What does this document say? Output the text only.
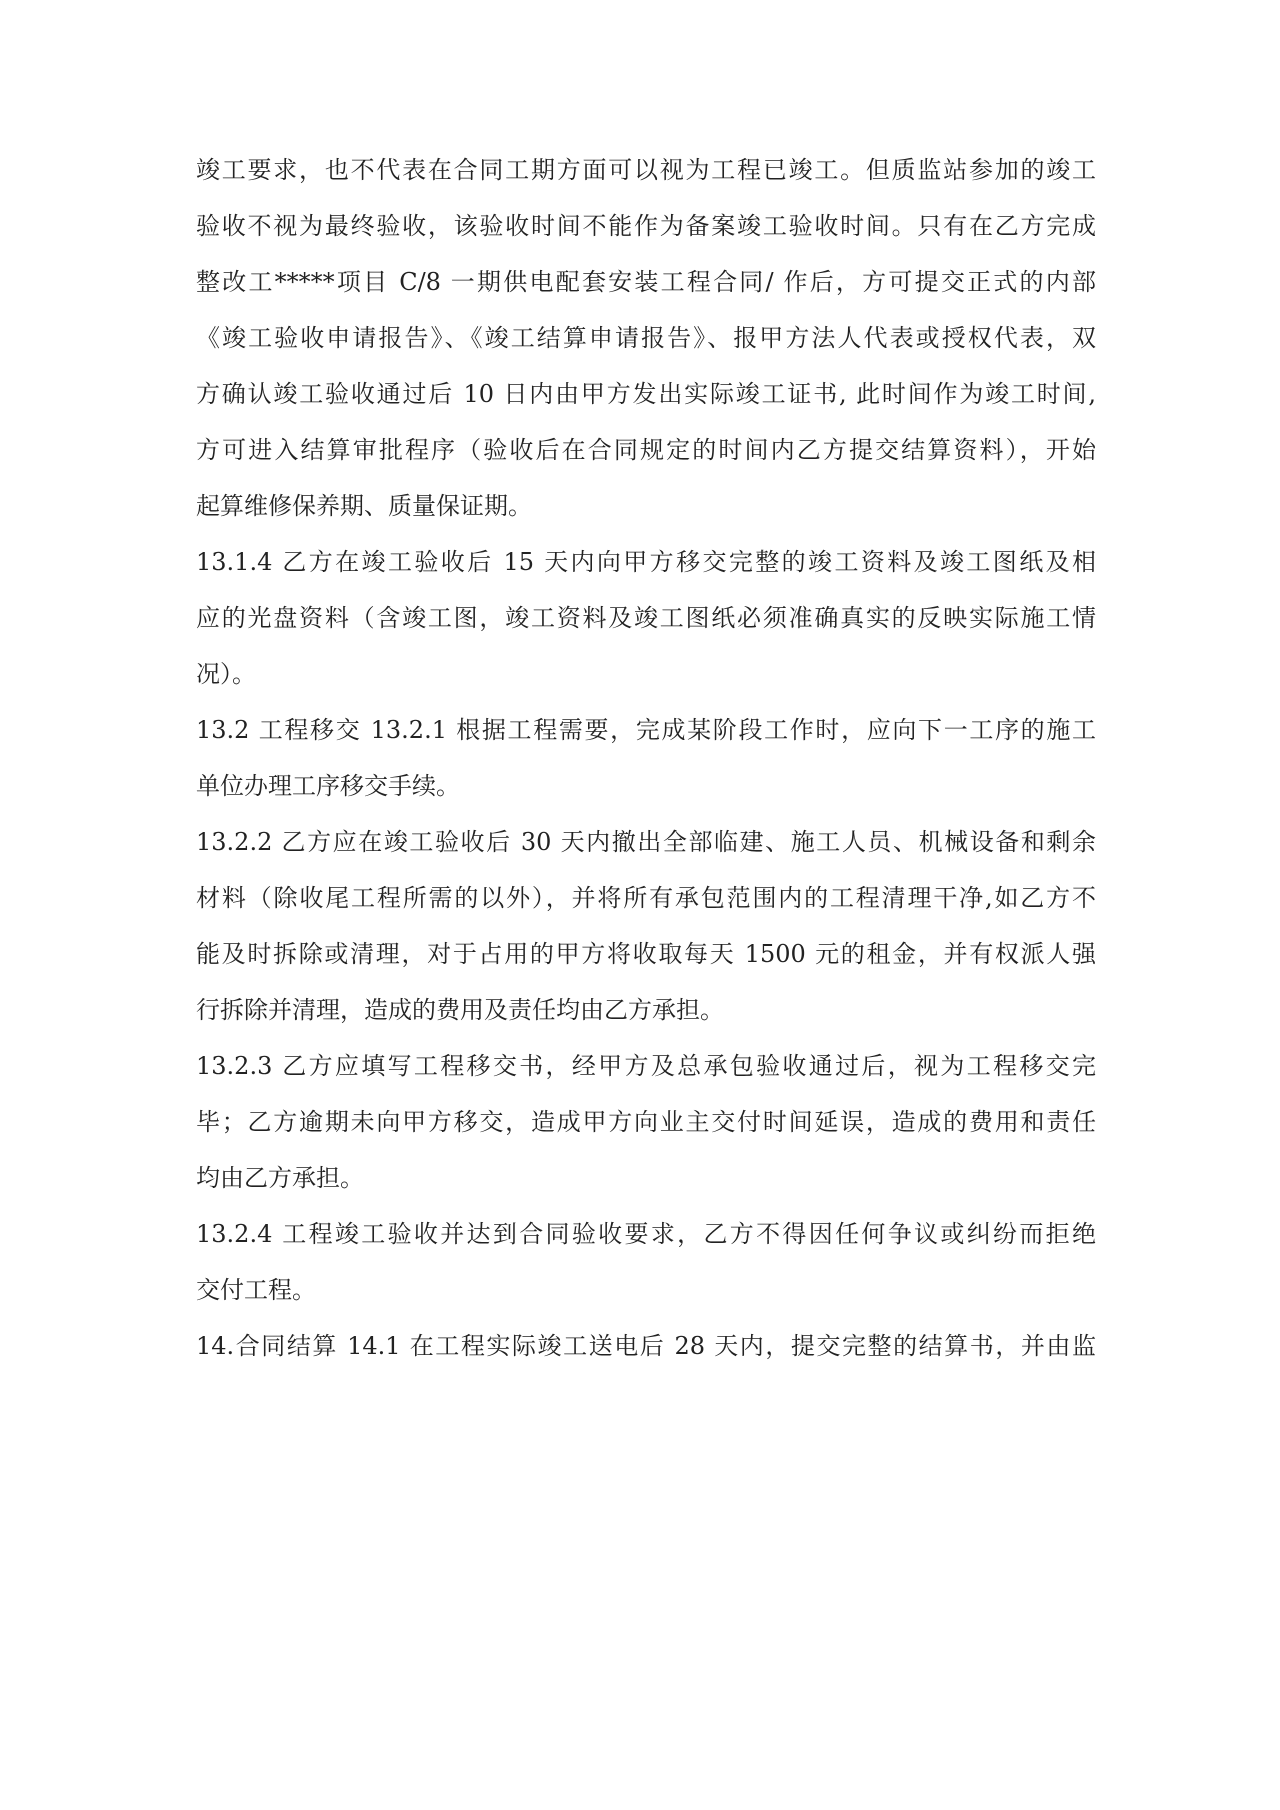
竣工要求，也不代表在合同工期方面可以视为工程已竣工。但质监站参加的竣工
验收不视为最终验收，该验收时间不能作为备案竣工验收时间。只有在乙方完成
整改工*****项目 C/8 一期供电配套安装工程合同/ 作后，方可提交正式的内部
《竣工验收申请报告》、《竣工结算申请报告》、报甲方法人代表或授权代表，双
方确认竣工验收通过后 10 日内由甲方发出实际竣工证书, 此时间作为竣工时间,
方可进入结算审批程序（验收后在合同规定的时间内乙方提交结算资料），开始
起算维修保养期、质量保证期。
13.1.4 乙方在竣工验收后 15 天内向甲方移交完整的竣工资料及竣工图纸及相
应的光盘资料（含竣工图，竣工资料及竣工图纸必须准确真实的反映实际施工情
况）。
13.2 工程移交 13.2.1 根据工程需要，完成某阶段工作时，应向下一工序的施工
单位办理工序移交手续。
13.2.2 乙方应在竣工验收后 30 天内撤出全部临建、施工人员、机械设备和剩余
材料（除收尾工程所需的以外），并将所有承包范围内的工程清理干净,如乙方不
能及时拆除或清理，对于占用的甲方将收取每天 1500 元的租金，并有权派人强
行拆除并清理，造成的费用及责任均由乙方承担。
13.2.3 乙方应填写工程移交书，经甲方及总承包验收通过后，视为工程移交完
毕；乙方逾期未向甲方移交，造成甲方向业主交付时间延误，造成的费用和责任
均由乙方承担。
13.2.4 工程竣工验收并达到合同验收要求，乙方不得因任何争议或纠纷而拒绝
交付工程。
14.合同结算 14.1 在工程实际竣工送电后 28 天内，提交完整的结算书，并由监
